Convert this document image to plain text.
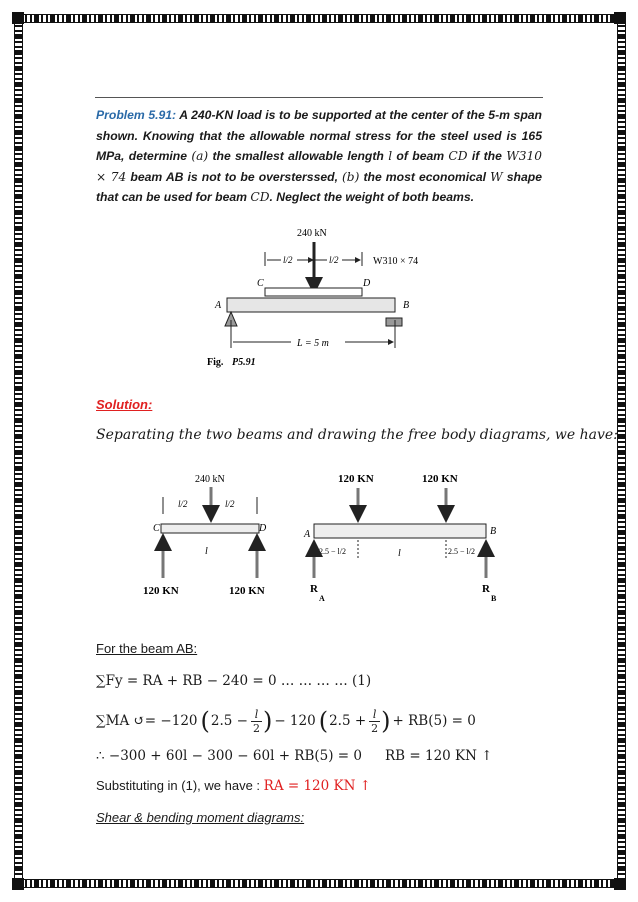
Problem 5.91: A 240-KN load is to be supported at the center of the 5-m span shown. Knowing that the allowable normal stress for the steel used is 165 MPa, determine (a) the smallest allowable length l of beam CD if the W310 × 74 beam AB is not to be oversterssed, (b) the most economical W shape that can be used for beam CD. Neglect the weight of both beams.
240 kN
l/2	l/2	W310 × 74
C	D
A	B
L = 5 m
Fig. P5.91
Solution:
Separating the two beams and drawing the free body diagrams, we have:
240 kN
l/2	l/2
C	D
l
120 KN	120 KN
120 KN	120 KN
A	B
2.5 − l/2	l	2.5 − l/2
R
A
R
B
For the beam AB:
∑Fy = RA + RB − 240 = 0 … … … … (1)
∑MA ↺= −120 ( $2.5 - \frac{l}{2}$ ) − 120 ( $2.5 + \frac{l}{2}$ ) + RB(5) = 0
∴ −300 + 60l − 300 − 60l + RB(5) = 0 RB = 120 KN ↑
Substituting in (1), we have : RA = 120 KN ↑
Shear & bending moment diagrams:
